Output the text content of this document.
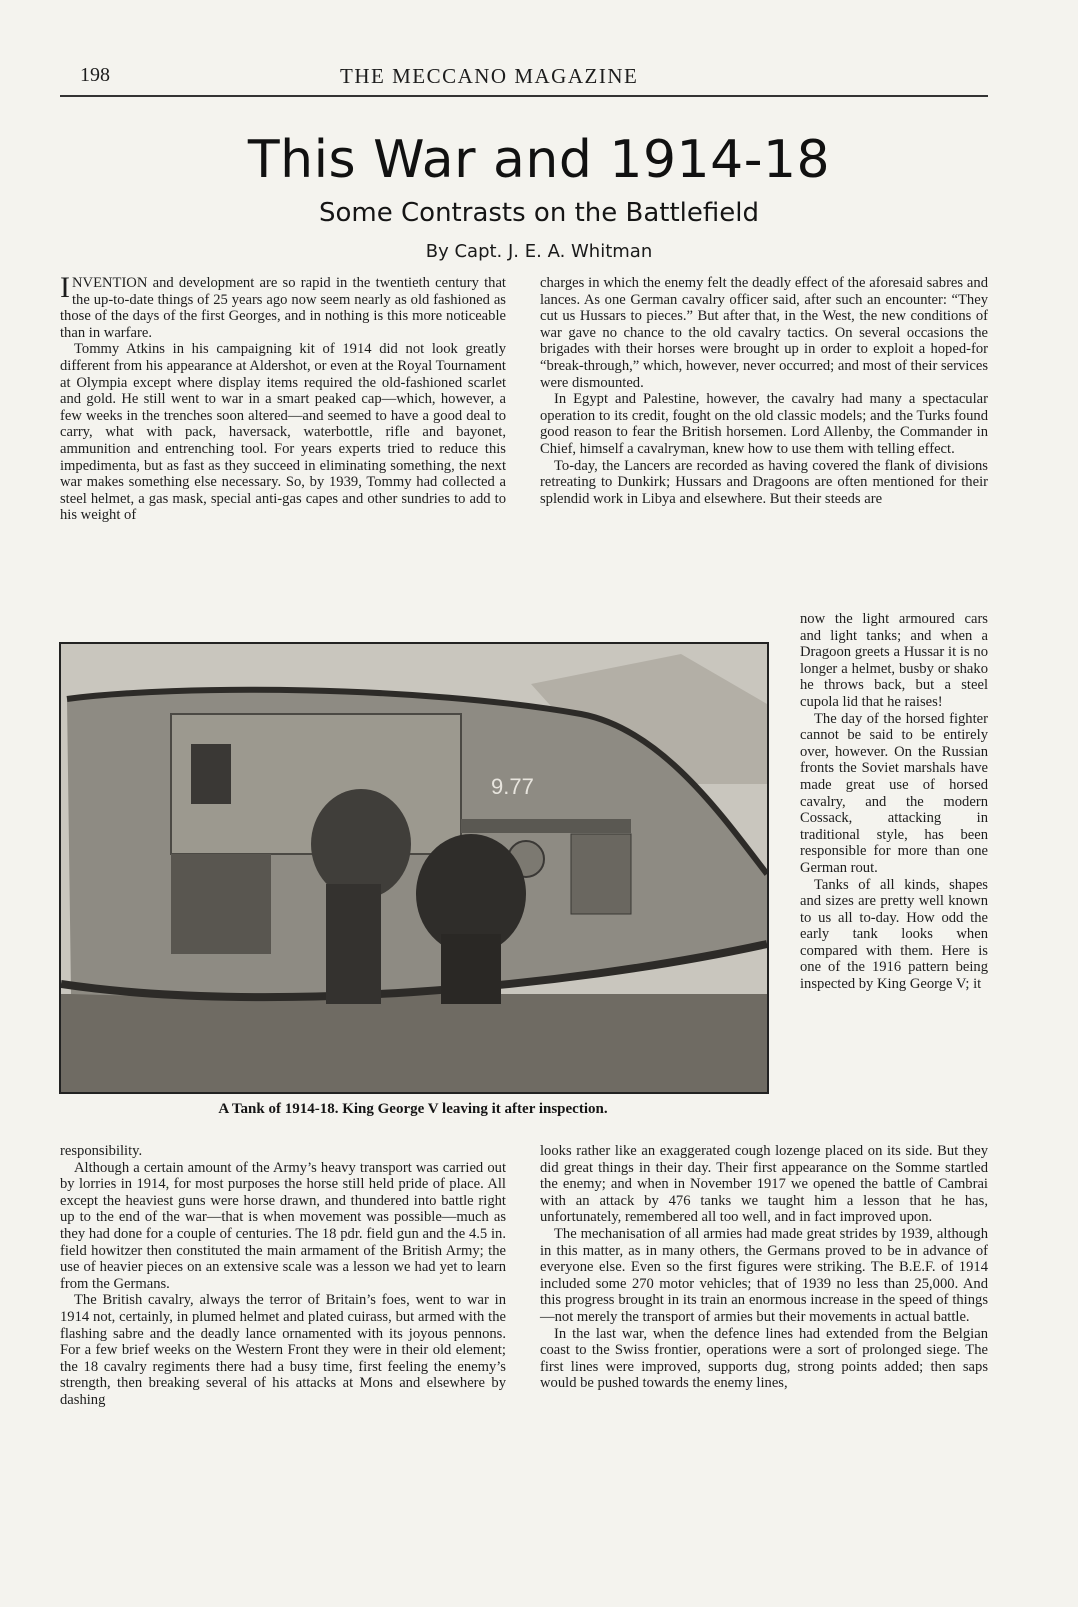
198	THE MECCANO MAGAZINE
This War and 1914-18
Some Contrasts on the Battlefield
By Capt. J. E. A. Whitman

INVENTION and development are so rapid in the twentieth century that the up-to-date things of 25 years ago now seem nearly as old fashioned as those of the days of the first Georges, and in nothing is this more noticeable than in warfare.

Tommy Atkins in his campaigning kit of 1914 did not look greatly different from his appearance at Aldershot, or even at the Royal Tournament at Olympia except where display items required the old-fashioned scarlet and gold. He still went to war in a smart peaked cap—which, however, a few weeks in the trenches soon altered—and seemed to have a good deal to carry, what with pack, haversack, waterbottle, rifle and bayonet, ammunition and entrenching tool. For years experts tried to reduce this impedimenta, but as fast as they succeed in eliminating something, the next war makes something else necessary. So, by 1939, Tommy had collected a steel helmet, a gas mask, special anti-gas capes and other sundries to add to his weight of

charges in which the enemy felt the deadly effect of the aforesaid sabres and lances. As one German cavalry officer said, after such an encounter: “They cut us Hussars to pieces.” But after that, in the West, the new conditions of war gave no chance to the old cavalry tactics. On several occasions the brigades with their horses were brought up in order to exploit a hoped-for “break-through,” which, however, never occurred; and most of their services were dismounted.

In Egypt and Palestine, however, the cavalry had many a spectacular operation to its credit, fought on the old classic models; and the Turks found good reason to fear the British horsemen. Lord Allenby, the Commander in Chief, himself a cavalryman, knew how to use them with telling effect.

To-day, the Lancers are recorded as having covered the flank of divisions retreating to Dunkirk; Hussars and Dragoons are often mentioned for their splendid work in Libya and elsewhere. But their steeds are

now the light armoured cars and light tanks; and when a Dragoon greets a Hussar it is no longer a helmet, busby or shako he throws back, but a steel cupola lid that he raises!

The day of the horsed fighter cannot be said to be entirely over, however. On the Russian fronts the Soviet marshals have made great use of horsed cavalry, and the modern Cossack, attacking in traditional style, has been responsible for more than one German rout.

Tanks of all kinds, shapes and sizes are pretty well known to us all to-day. How odd the early tank looks when compared with them. Here is one of the 1916 pattern being inspected by King George V; it

9.77
A Tank of 1914-18. King George V leaving it after inspection.

responsibility.

Although a certain amount of the Army’s heavy transport was carried out by lorries in 1914, for most purposes the horse still held pride of place. All except the heaviest guns were horse drawn, and thundered into battle right up to the end of the war—that is when movement was possible—much as they had done for a couple of centuries. The 18 pdr. field gun and the 4.5 in. field howitzer then constituted the main armament of the British Army; the use of heavier pieces on an extensive scale was a lesson we had yet to learn from the Germans.

The British cavalry, always the terror of Britain’s foes, went to war in 1914 not, certainly, in plumed helmet and plated cuirass, but armed with the flashing sabre and the deadly lance ornamented with its joyous pennons. For a few brief weeks on the Western Front they were in their old element; the 18 cavalry regiments there had a busy time, first feeling the enemy’s strength, then breaking several of his attacks at Mons and elsewhere by dashing

looks rather like an exaggerated cough lozenge placed on its side. But they did great things in their day. Their first appearance on the Somme startled the enemy; and when in November 1917 we opened the battle of Cambrai with an attack by 476 tanks we taught him a lesson that he has, unfortunately, remembered all too well, and in fact improved upon.

The mechanisation of all armies had made great strides by 1939, although in this matter, as in many others, the Germans proved to be in advance of everyone else. Even so the first figures were striking. The B.E.F. of 1914 included some 270 motor vehicles; that of 1939 no less than 25,000. And this progress brought in its train an enormous increase in the speed of things—not merely the transport of armies but their movements in actual battle.

In the last war, when the defence lines had extended from the Belgian coast to the Swiss frontier, operations were a sort of prolonged siege. The first lines were improved, supports dug, strong points added; then saps would be pushed towards the enemy lines,
